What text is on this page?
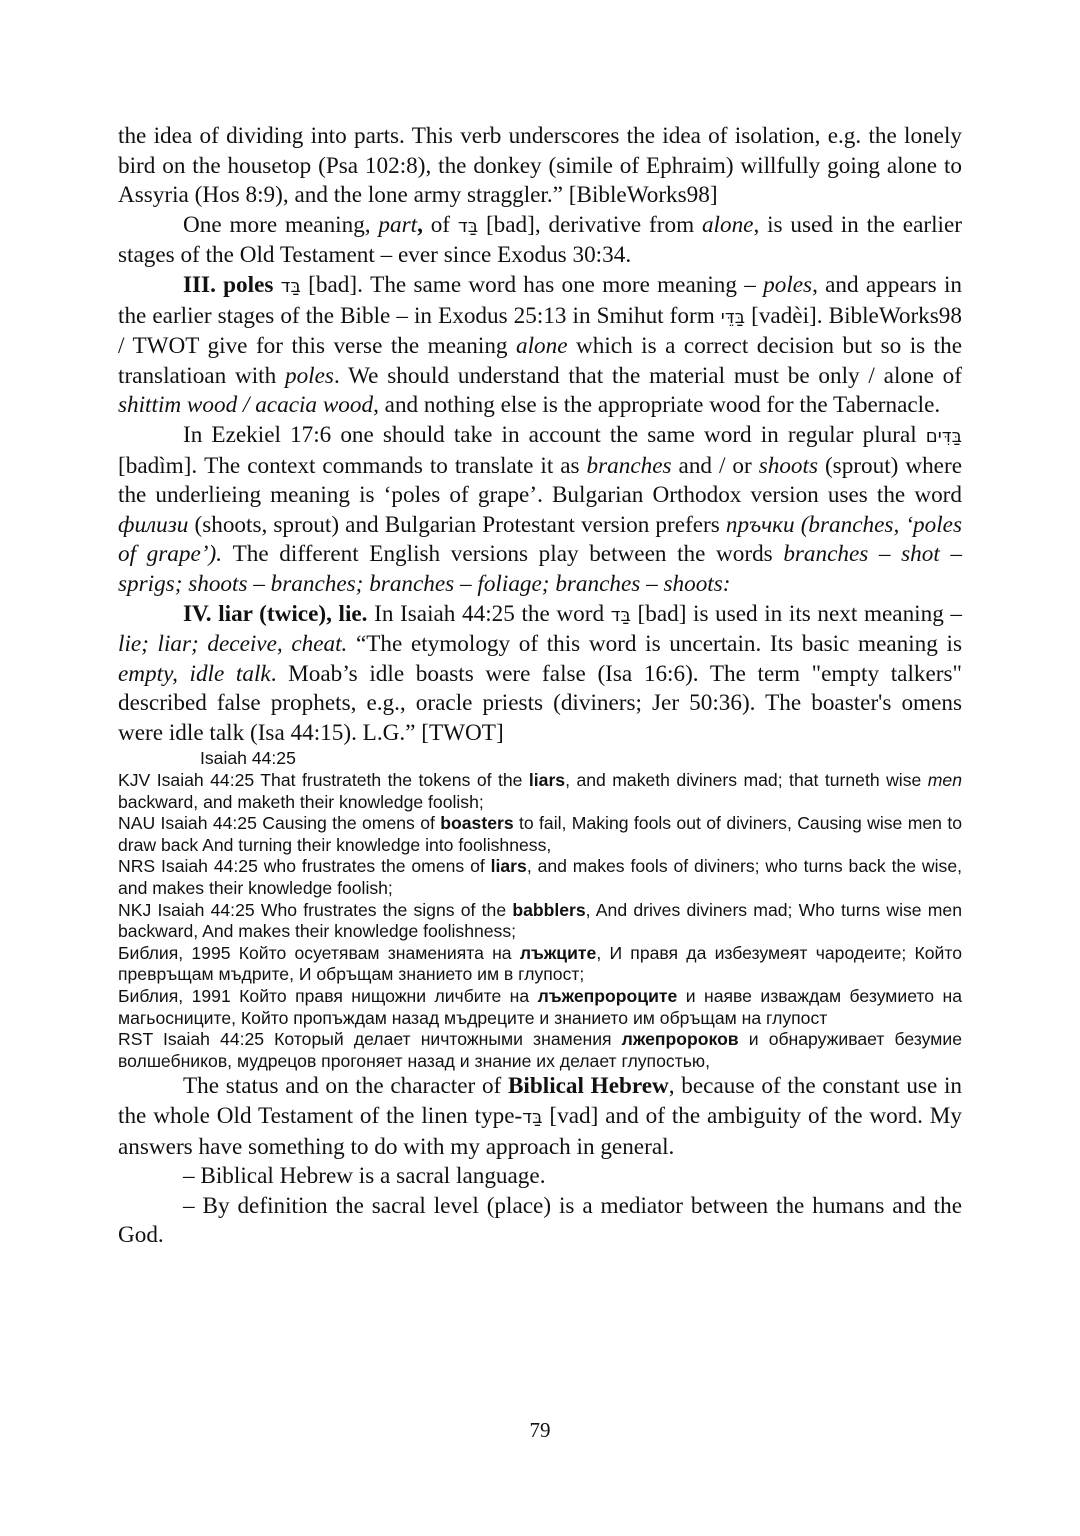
the idea of dividing into parts. This verb underscores the idea of isolation, e.g. the lonely bird on the housetop (Psa 102:8), the donkey (simile of Ephraim) willfully going alone to Assyria (Hos 8:9), and the lone army straggler.” [BibleWorks98]

One more meaning, part, of בַּד [bad], derivative from alone, is used in the earlier stages of the Old Testament – ever since Exodus 30:34.

III. poles בַּד [bad]. The same word has one more meaning – poles, and appears in the earlier stages of the Bible – in Exodus 25:13 in Smihut form בַּדֵּי [vadèi]. BibleWorks98 / TWOT give for this verse the meaning alone which is a correct decision but so is the translatioan with poles. We should understand that the material must be only / alone of shittim wood / acacia wood, and nothing else is the appropriate wood for the Tabernacle.

In Ezekiel 17:6 one should take in account the same word in regular plural בַּדִּים [badìm]. The context commands to translate it as branches and / or shoots (sprout) where the underlieing meaning is ‘poles of grape’. Bulgarian Orthodox version uses the word филизи (shoots, sprout) and Bulgarian Protestant version prefers пръчки (branches, ‘poles of grape’). The different English versions play between the words branches – shot – sprigs; shoots – branches; branches – foliage; branches – shoots:

IV. liar (twice), lie. In Isaiah 44:25 the word בַּד [bad] is used in its next meaning – lie; liar; deceive, cheat. “The etymology of this word is uncertain. Its basic meaning is empty, idle talk. Moab’s idle boasts were false (Isa 16:6). The term "empty talkers" described false prophets, e.g., oracle priests (diviners; Jer 50:36). The boaster's omens were idle talk (Isa 44:15). L.G.” [TWOT]

Isaiah 44:25

KJV Isaiah 44:25 That frustrateth the tokens of the liars, and maketh diviners mad; that turneth wise men backward, and maketh their knowledge foolish;

NAU Isaiah 44:25 Causing the omens of boasters to fail, Making fools out of diviners, Causing wise men to draw back And turning their knowledge into foolishness,

NRS Isaiah 44:25 who frustrates the omens of liars, and makes fools of diviners; who turns back the wise, and makes their knowledge foolish;

NKJ Isaiah 44:25 Who frustrates the signs of the babblers, And drives diviners mad; Who turns wise men backward, And makes their knowledge foolishness;

Библия, 1995 Който осуетявам знаменията на лъжците, И правя да избезумеят чародеите; Който превръщам мъдрите, И обръщам знанието им в глупост;

Библия, 1991 Който правя нищожни личбите на лъжепророците и наяве изваждам безумието на магьосниците, Който пропъждам назад мъдреците и знанието им обръщам на глупост

RST Isaiah 44:25 Который делает ничтожными знамения лжепророков и обнаруживает безумие волшебников, мудрецов прогоняет назад и знание их делает глупостью,

The status and on the character of Biblical Hebrew, because of the constant use in the whole Old Testament of the linen type-בַּד [vad] and of the ambiguity of the word. My answers have something to do with my approach in general.

– Biblical Hebrew is a sacral language.

– By definition the sacral level (place) is a mediator between the humans and the God.

79
